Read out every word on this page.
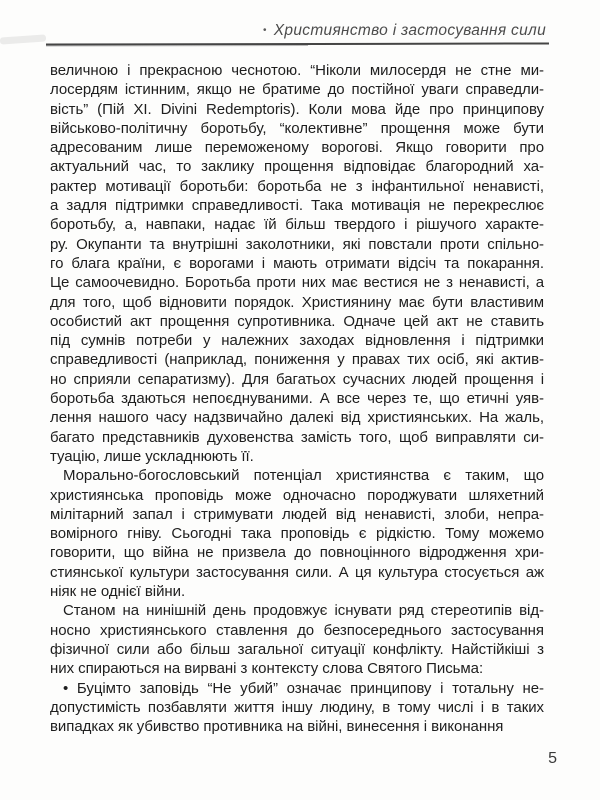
• Християнство і застосування сили
величною і прекрасною чеснотою. “Ніколи милосердя не стне ми-
лосердям істинним, якщо не братиме до постійної уваги справедли-
вість” (Пій XI. Divini Redemptoris). Коли мова йде про принципову
військово-політичну боротьбу, “колективне” прощення може бути
адресованим лише переможеному ворогові. Якщо говорити про
актуальний час, то заклику прощення відповідає благородний ха-
рактер мотивації боротьби: боротьба не з інфантильної ненависті,
а задля підтримки справедливості. Така мотивація не перекреслює
боротьбу, а, навпаки, надає їй більш твердого і рішучого характе-
ру. Окупанти та внутрішні заколотники, які повстали проти спільно-
го блага країни, є ворогами і мають отримати відсіч та покарання.
Це самоочевидно. Боротьба проти них має вестися не з ненависті, а
для того, щоб відновити порядок. Християнину має бути властивим
особистий акт прощення супротивника. Одначе цей акт не ставить
під сумнів потреби у належних заходах відновлення і підтримки
справедливості (наприклад, пониження у правах тих осіб, які актив-
но сприяли сепаратизму). Для багатьох сучасних людей прощення і
боротьба здаються непоєднуваними. А все через те, що етичні уяв-
лення нашого часу надзвичайно далекі від християнських. На жаль,
багато представників духовенства замість того, щоб виправляти си-
туацію, лише ускладнюють її.
Морально-богословський потенціал християнства є таким, що
християнська проповідь може одночасно породжувати шляхетний
мілітарний запал і стримувати людей від ненависті, злоби, непра-
вомірного гніву. Сьогодні така проповідь є рідкістю. Тому можемо
говорити, що війна не призвела до повноцінного відродження хри-
стиянської культури застосування сили. А ця культура стосується аж
ніяк не однієї війни.
Станом на нинішній день продовжує існувати ряд стереотипів від-
носно християнського ставлення до безпосереднього застосування
фізичної сили або більш загальної ситуації конфлікту. Найстійкіші з
них спираються на вирвані з контексту слова Святого Письма:
• Буцімто заповідь “Не убий” означає принципову і тотальну не-
допустимість позбавляти життя іншу людину, в тому числі і в таких
випадках як убивство противника на війні, винесення і виконання
5
